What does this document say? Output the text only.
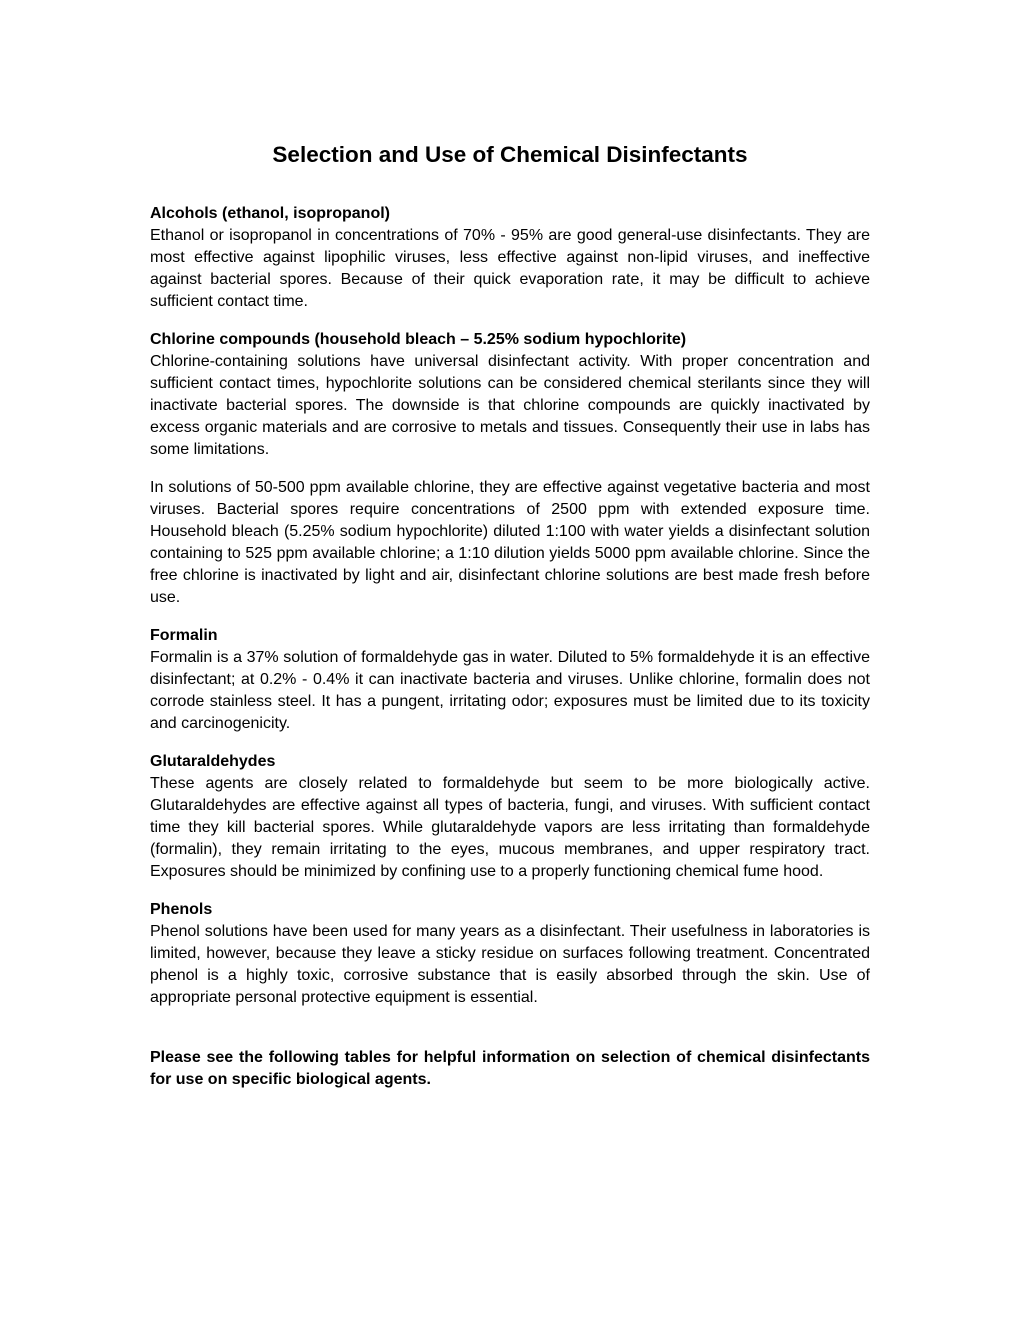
Selection and Use of Chemical Disinfectants
Alcohols (ethanol, isopropanol)

Ethanol or isopropanol in concentrations of 70% - 95% are good general-use disinfectants. They are most effective against lipophilic viruses, less effective against non-lipid viruses, and ineffective against bacterial spores. Because of their quick evaporation rate, it may be difficult to achieve sufficient contact time.

Chlorine compounds (household bleach – 5.25% sodium hypochlorite)

Chlorine-containing solutions have universal disinfectant activity. With proper concentration and sufficient contact times, hypochlorite solutions can be considered chemical sterilants since they will inactivate bacterial spores. The downside is that chlorine compounds are quickly inactivated by excess organic materials and are corrosive to metals and tissues. Consequently their use in labs has some limitations.

In solutions of 50-500 ppm available chlorine, they are effective against vegetative bacteria and most viruses. Bacterial spores require concentrations of 2500 ppm with extended exposure time. Household bleach (5.25% sodium hypochlorite) diluted 1:100 with water yields a disinfectant solution containing to 525 ppm available chlorine; a 1:10 dilution yields 5000 ppm available chlorine. Since the free chlorine is inactivated by light and air, disinfectant chlorine solutions are best made fresh before use.

Formalin

Formalin is a 37% solution of formaldehyde gas in water. Diluted to 5% formaldehyde it is an effective disinfectant; at 0.2% - 0.4% it can inactivate bacteria and viruses. Unlike chlorine, formalin does not corrode stainless steel. It has a pungent, irritating odor; exposures must be limited due to its toxicity and carcinogenicity.

Glutaraldehydes

These agents are closely related to formaldehyde but seem to be more biologically active. Glutaraldehydes are effective against all types of bacteria, fungi, and viruses. With sufficient contact time they kill bacterial spores. While glutaraldehyde vapors are less irritating than formaldehyde (formalin), they remain irritating to the eyes, mucous membranes, and upper respiratory tract. Exposures should be minimized by confining use to a properly functioning chemical fume hood.

Phenols

Phenol solutions have been used for many years as a disinfectant. Their usefulness in laboratories is limited, however, because they leave a sticky residue on surfaces following treatment. Concentrated phenol is a highly toxic, corrosive substance that is easily absorbed through the skin. Use of appropriate personal protective equipment is essential.

Please see the following tables for helpful information on selection of chemical disinfectants for use on specific biological agents.
